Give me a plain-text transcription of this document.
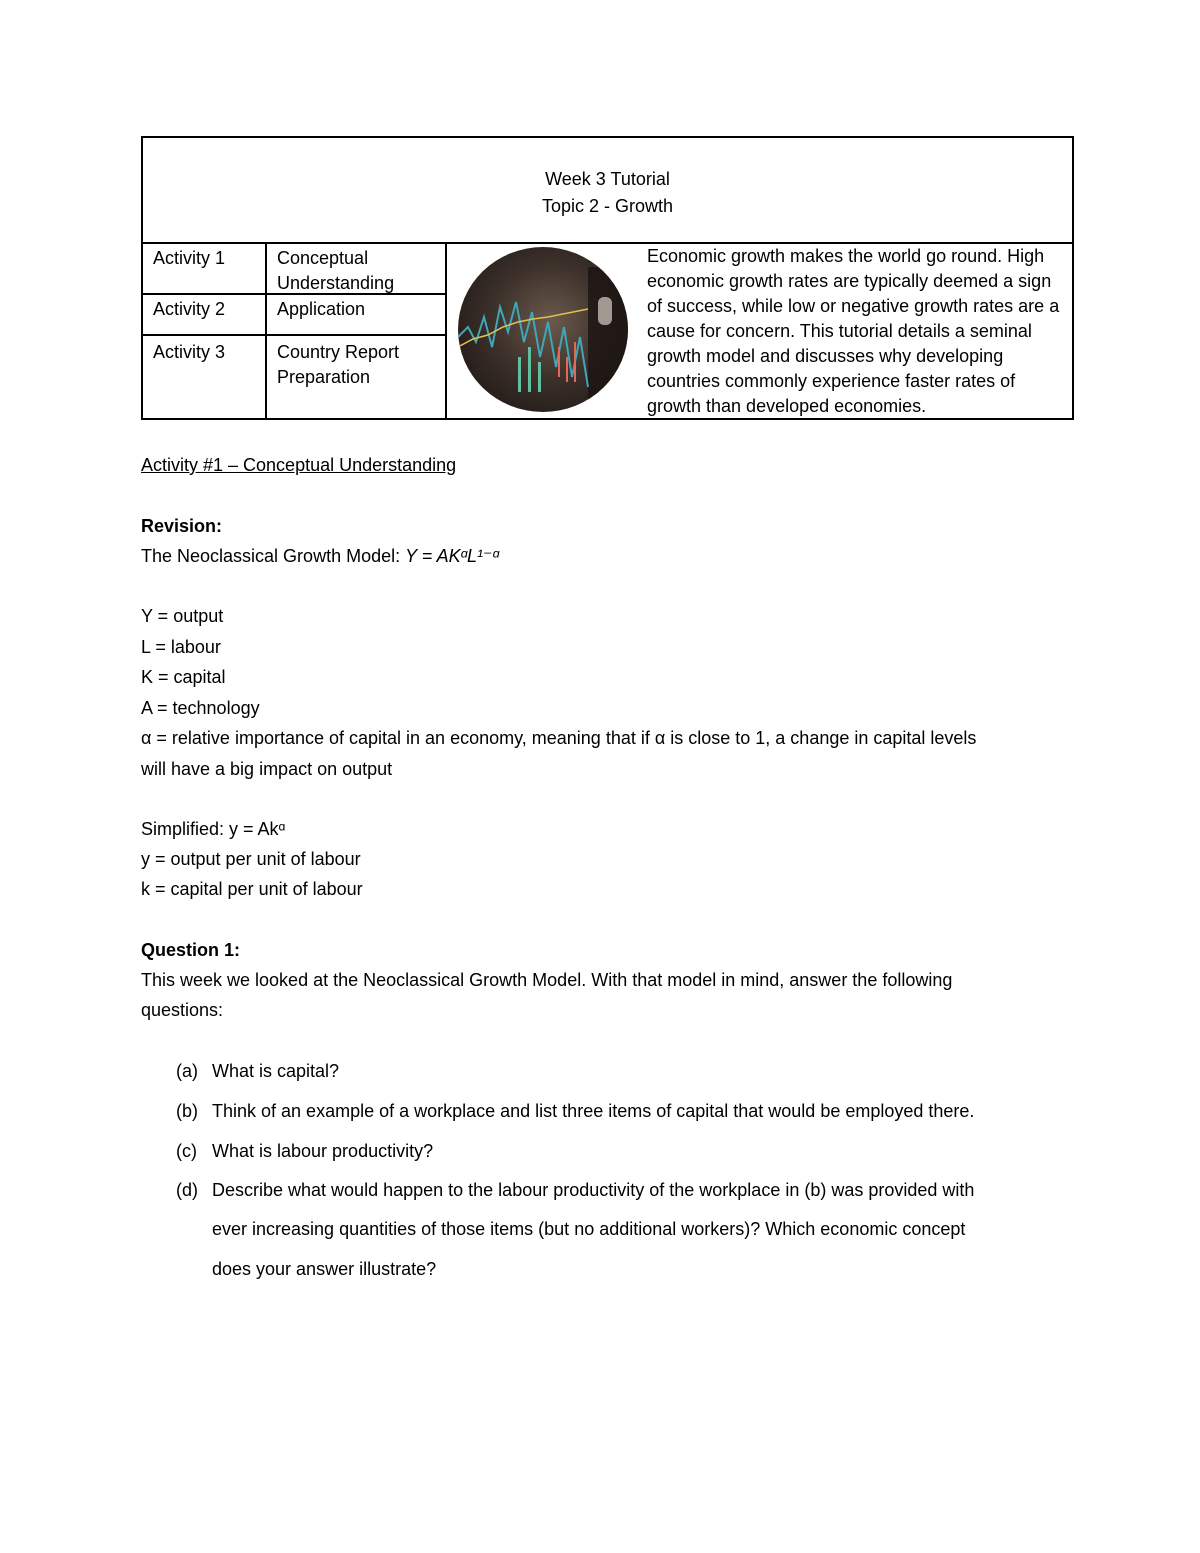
Week 3 Tutorial
Topic 2 - Growth
Activity 1	Conceptual Understanding
Activity 2	Application
Activity 3	Country Report Preparation
Economic growth makes the world go round. High economic growth rates are typically deemed a sign of success, while low or negative growth rates are a cause for concern. This tutorial details a seminal growth model and discusses why developing countries commonly experience faster rates of growth than developed economies.
Activity #1 – Conceptual Understanding
Revision:
The Neoclassical Growth Model: Y = AKᵅL¹⁻ᵅ
Y = output
L = labour
K = capital
A = technology
α = relative importance of capital in an economy, meaning that if α is close to 1, a change in capital levels
will have a big impact on output
Simplified: y = Akᵅ
y = output per unit of labour
k = capital per unit of labour
Question 1:
This week we looked at the Neoclassical Growth Model. With that model in mind, answer the following
questions:
(a) What is capital?
(b) Think of an example of a workplace and list three items of capital that would be employed there.
(c) What is labour productivity?
(d) Describe what would happen to the labour productivity of the workplace in (b) was provided with
ever increasing quantities of those items (but no additional workers)? Which economic concept
does your answer illustrate?
